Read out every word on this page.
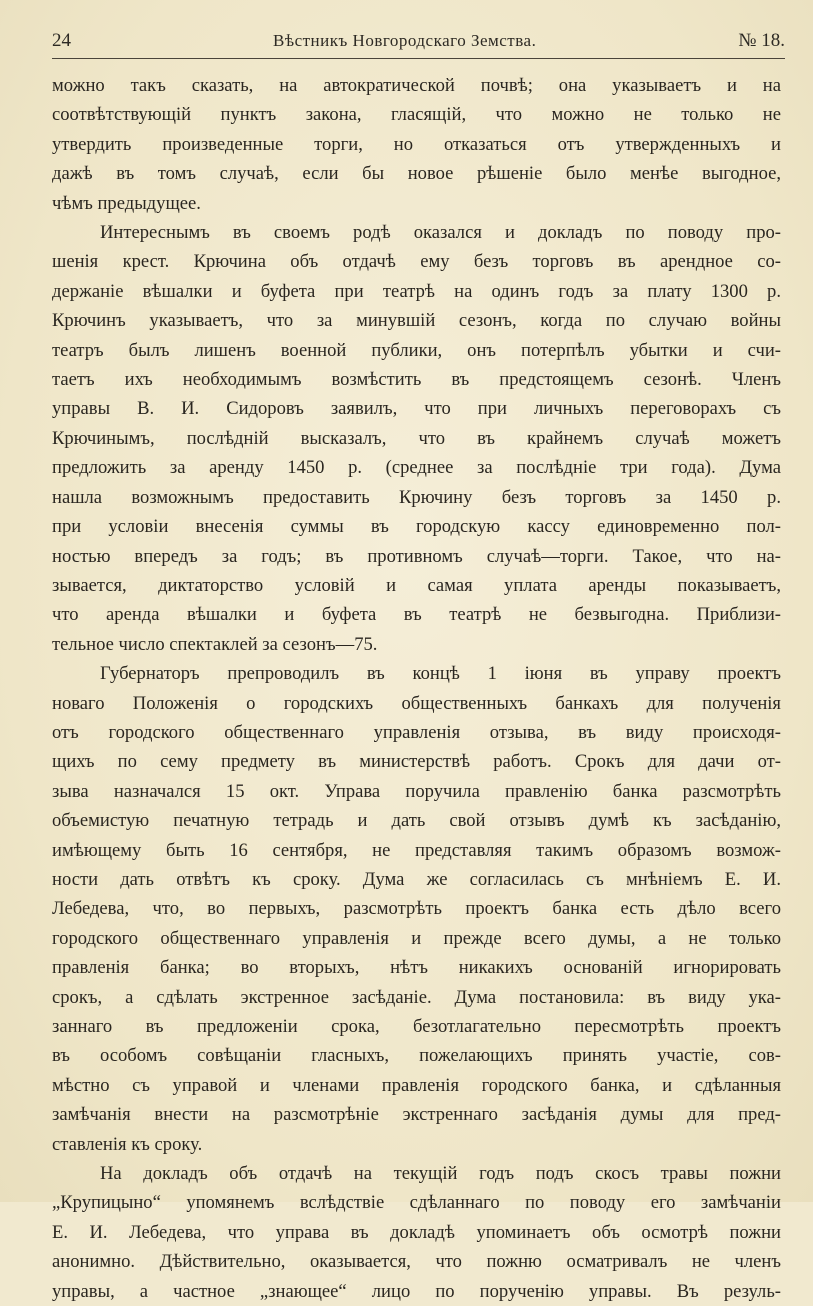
24	Вѣстникъ Новгородскаго Земства.	№ 18.

можно такъ сказать, на автократической почвѣ; она указываетъ и на
соотвѣтствующій пунктъ закона, гласящій, что можно не только не
утвердить произведенные торги, но отказаться отъ утвержденныхъ и
дажѣ въ томъ случаѣ, если бы новое рѣшеніе было менѣе выгодное,
чѣмъ предыдущее.

Интереснымъ въ своемъ родѣ оказался и докладъ по поводу про-
шенія крест. Крючина объ отдачѣ ему безъ торговъ въ арендное со-
держаніе вѣшалки и буфета при театрѣ на одинъ годъ за плату 1300 р.
Крючинъ указываетъ, что за минувшій сезонъ, когда по случаю войны
театръ былъ лишенъ военной публики, онъ потерпѣлъ убытки и счи-
таетъ ихъ необходимымъ возмѣстить въ предстоящемъ сезонѣ. Членъ
управы В. И. Сидоровъ заявилъ, что при личныхъ переговорахъ съ
Крючинымъ, послѣдній высказалъ, что въ крайнемъ случаѣ можетъ
предложить за аренду 1450 р. (среднее за послѣдніе три года). Дума
нашла возможнымъ предоставить Крючину безъ торговъ за 1450 р.
при условіи внесенія суммы въ городскую кассу единовременно пол-
ностью впередъ за годъ; въ противномъ случаѣ—торги. Такое, что на-
зывается, диктаторство условій и самая уплата аренды показываетъ,
что аренда вѣшалки и буфета въ театрѣ не безвыгодна. Приблизи-
тельное число спектаклей за сезонъ—75.

Губернаторъ препроводилъ въ концѣ 1 іюня въ управу проектъ
новаго Положенія о городскихъ общественныхъ банкахъ для полученія
отъ городского общественнаго управленія отзыва, въ виду происходя-
щихъ по сему предмету въ министерствѣ работъ. Срокъ для дачи от-
зыва назначался 15 окт. Управа поручила правленію банка разсмотрѣть
объемистую печатную тетрадь и дать свой отзывъ думѣ къ засѣданію,
имѣющему быть 16 сентября, не представляя такимъ образомъ возмож-
ности дать отвѣтъ къ сроку. Дума же согласилась съ мнѣніемъ Е. И.
Лебедева, что, во первыхъ, разсмотрѣть проектъ банка есть дѣло всего
городского общественнаго управленія и прежде всего думы, а не только
правленія банка; во вторыхъ, нѣтъ никакихъ основаній игнорировать
срокъ, а сдѣлать экстренное засѣданіе. Дума постановила: въ виду ука-
заннаго въ предложеніи срока, безотлагательно пересмотрѣть проектъ
въ особомъ совѣщаніи гласныхъ, пожелающихъ принять участіе, сов-
мѣстно съ управой и членами правленія городского банка, и сдѣланныя
замѣчанія внести на разсмотрѣніе экстреннаго засѣданія думы для пред-
ставленія къ сроку.

На докладъ объ отдачѣ на текущій годъ подъ скосъ травы пожни
„Крупицыно“ упомянемъ вслѣдствіе сдѣланнаго по поводу его замѣчаніи
Е. И. Лебедева, что управа въ докладѣ упоминаетъ объ осмотрѣ пожни
анонимно. Дѣйствительно, оказывается, что пожню осматривалъ не членъ
управы, а частное „знающее“ лицо по порученію управы. Въ резуль-
